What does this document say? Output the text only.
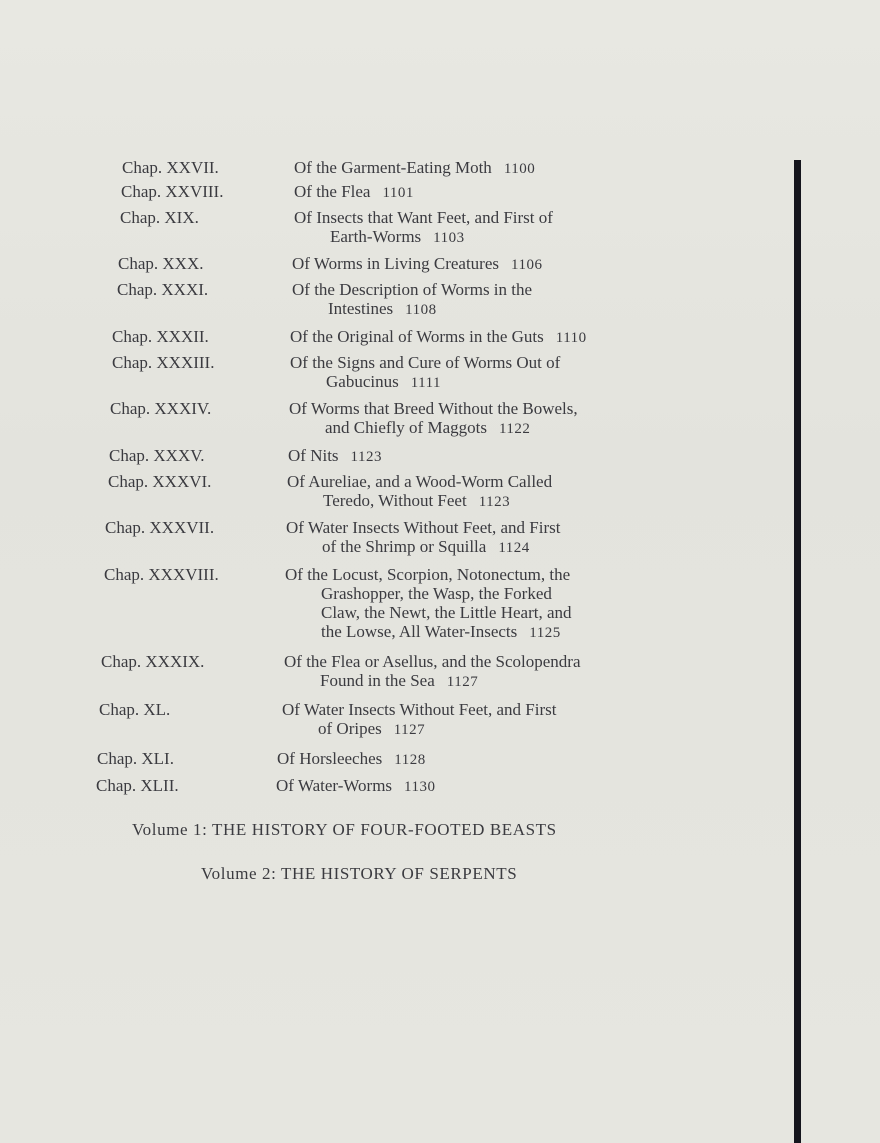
Chap. XXVII.	Of the Garment-Eating Moth 1100
Chap. XXVIII.	Of the Flea 1101
Chap. XIX.	Of Insects that Want Feet, and First of
Earth-Worms 1103
Chap. XXX.	Of Worms in Living Creatures 1106
Chap. XXXI.	Of the Description of Worms in the
Intestines 1108
Chap. XXXII.	Of the Original of Worms in the Guts 1110
Chap. XXXIII.	Of the Signs and Cure of Worms Out of
Gabucinus 1111
Chap. XXXIV.	Of Worms that Breed Without the Bowels,
and Chiefly of Maggots 1122
Chap. XXXV.	Of Nits 1123
Chap. XXXVI.	Of Aureliae, and a Wood-Worm Called
Teredo, Without Feet 1123
Chap. XXXVII.	Of Water Insects Without Feet, and First
of the Shrimp or Squilla 1124
Chap. XXXVIII.	Of the Locust, Scorpion, Notonectum, the
Grashopper, the Wasp, the Forked
Claw, the Newt, the Little Heart, and
the Lowse, All Water-Insects 1125
Chap. XXXIX.	Of the Flea or Asellus, and the Scolopendra
Found in the Sea 1127
Chap. XL.	Of Water Insects Without Feet, and First
of Oripes 1127
Chap. XLI.	Of Horsleeches 1128
Chap. XLII.	Of Water-Worms 1130
Volume 1: THE HISTORY OF FOUR-FOOTED BEASTS
Volume 2: THE HISTORY OF SERPENTS
